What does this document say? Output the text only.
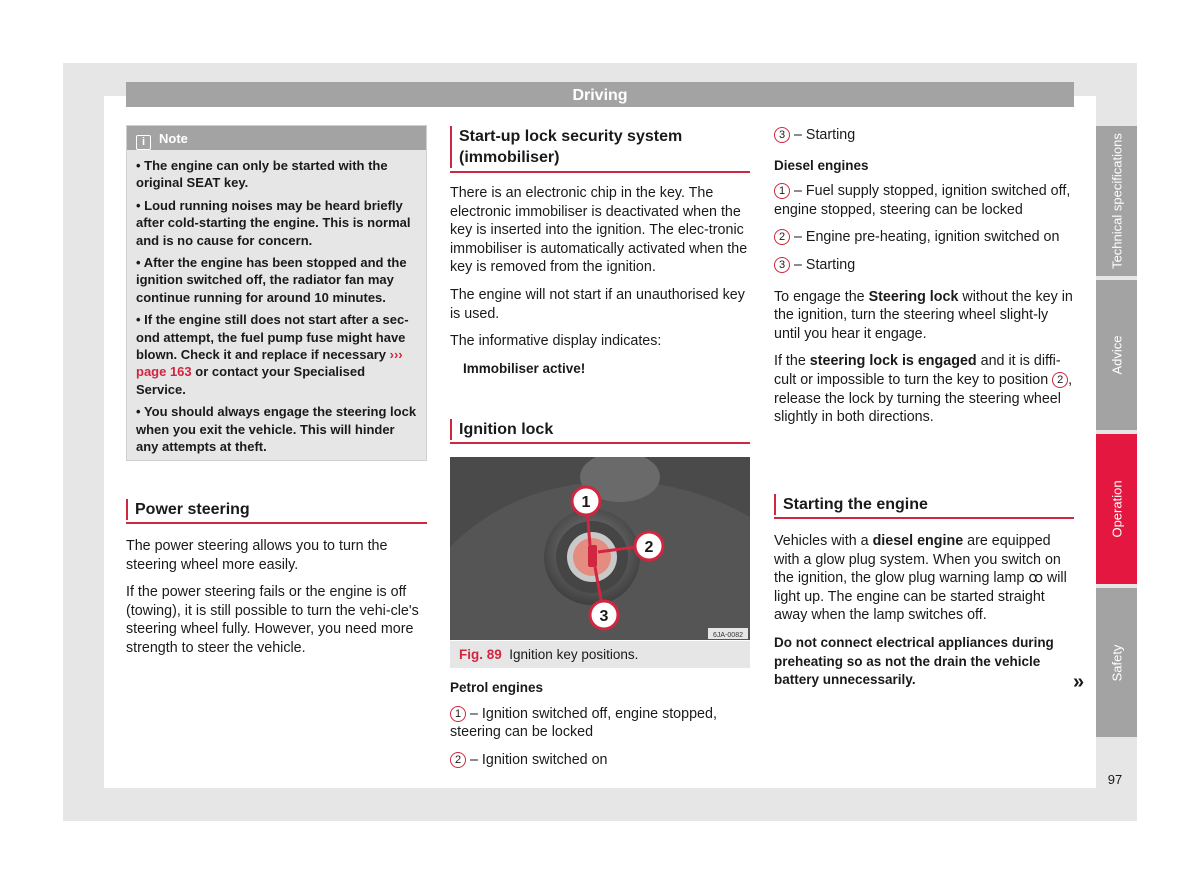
Driving
i Note

• The engine can only be started with the original SEAT key.

• Loud running noises may be heard briefly after cold-starting the engine. This is normal and is no cause for concern.

• After the engine has been stopped and the ignition switched off, the radiator fan may continue running for around 10 minutes.

• If the engine still does not start after a sec-ond attempt, the fuel pump fuse might have blown. Check it and replace if necessary ››› page 163 or contact your Specialised Service.

• You should always engage the steering lock when you exit the vehicle. This will hinder any attempts at theft.

Power steering

The power steering allows you to turn the steering wheel more easily.

If the power steering fails or the engine is off (towing), it is still possible to turn the vehi-cle's steering wheel fully. However, you need more strength to steer the vehicle.

Start-up lock security system (immobiliser)

There is an electronic chip in the key. The electronic immobiliser is deactivated when the key is inserted into the ignition. The elec-tronic immobiliser is automatically activated when the key is removed from the ignition.

The engine will not start if an unauthorised key is used.

The informative display indicates:

Immobiliser active!

Ignition lock
1
2
3
6JA-0082
Fig. 89 Ignition key positions.

Petrol engines

1 – Ignition switched off, engine stopped, steering can be locked

2 – Ignition switched on

3 – Starting

Diesel engines

1 – Fuel supply stopped, ignition switched off, engine stopped, steering can be locked

2 – Engine pre-heating, ignition switched on

3 – Starting

To engage the Steering lock without the key in the ignition, turn the steering wheel slight-ly until you hear it engage.

If the steering lock is engaged and it is diffi-cult or impossible to turn the key to position 2 , release the lock by turning the steering wheel slightly in both directions.

Starting the engine

Vehicles with a diesel engine are equipped with a glow plug system. When you switch on the ignition, the glow plug warning lamp ꝏ will light up. The engine can be started straight away when the lamp switches off.

Do not connect electrical appliances during preheating so as not the drain the vehicle battery unnecessarily.	»
Technical specifications
Advice
Operation
Safety
97
